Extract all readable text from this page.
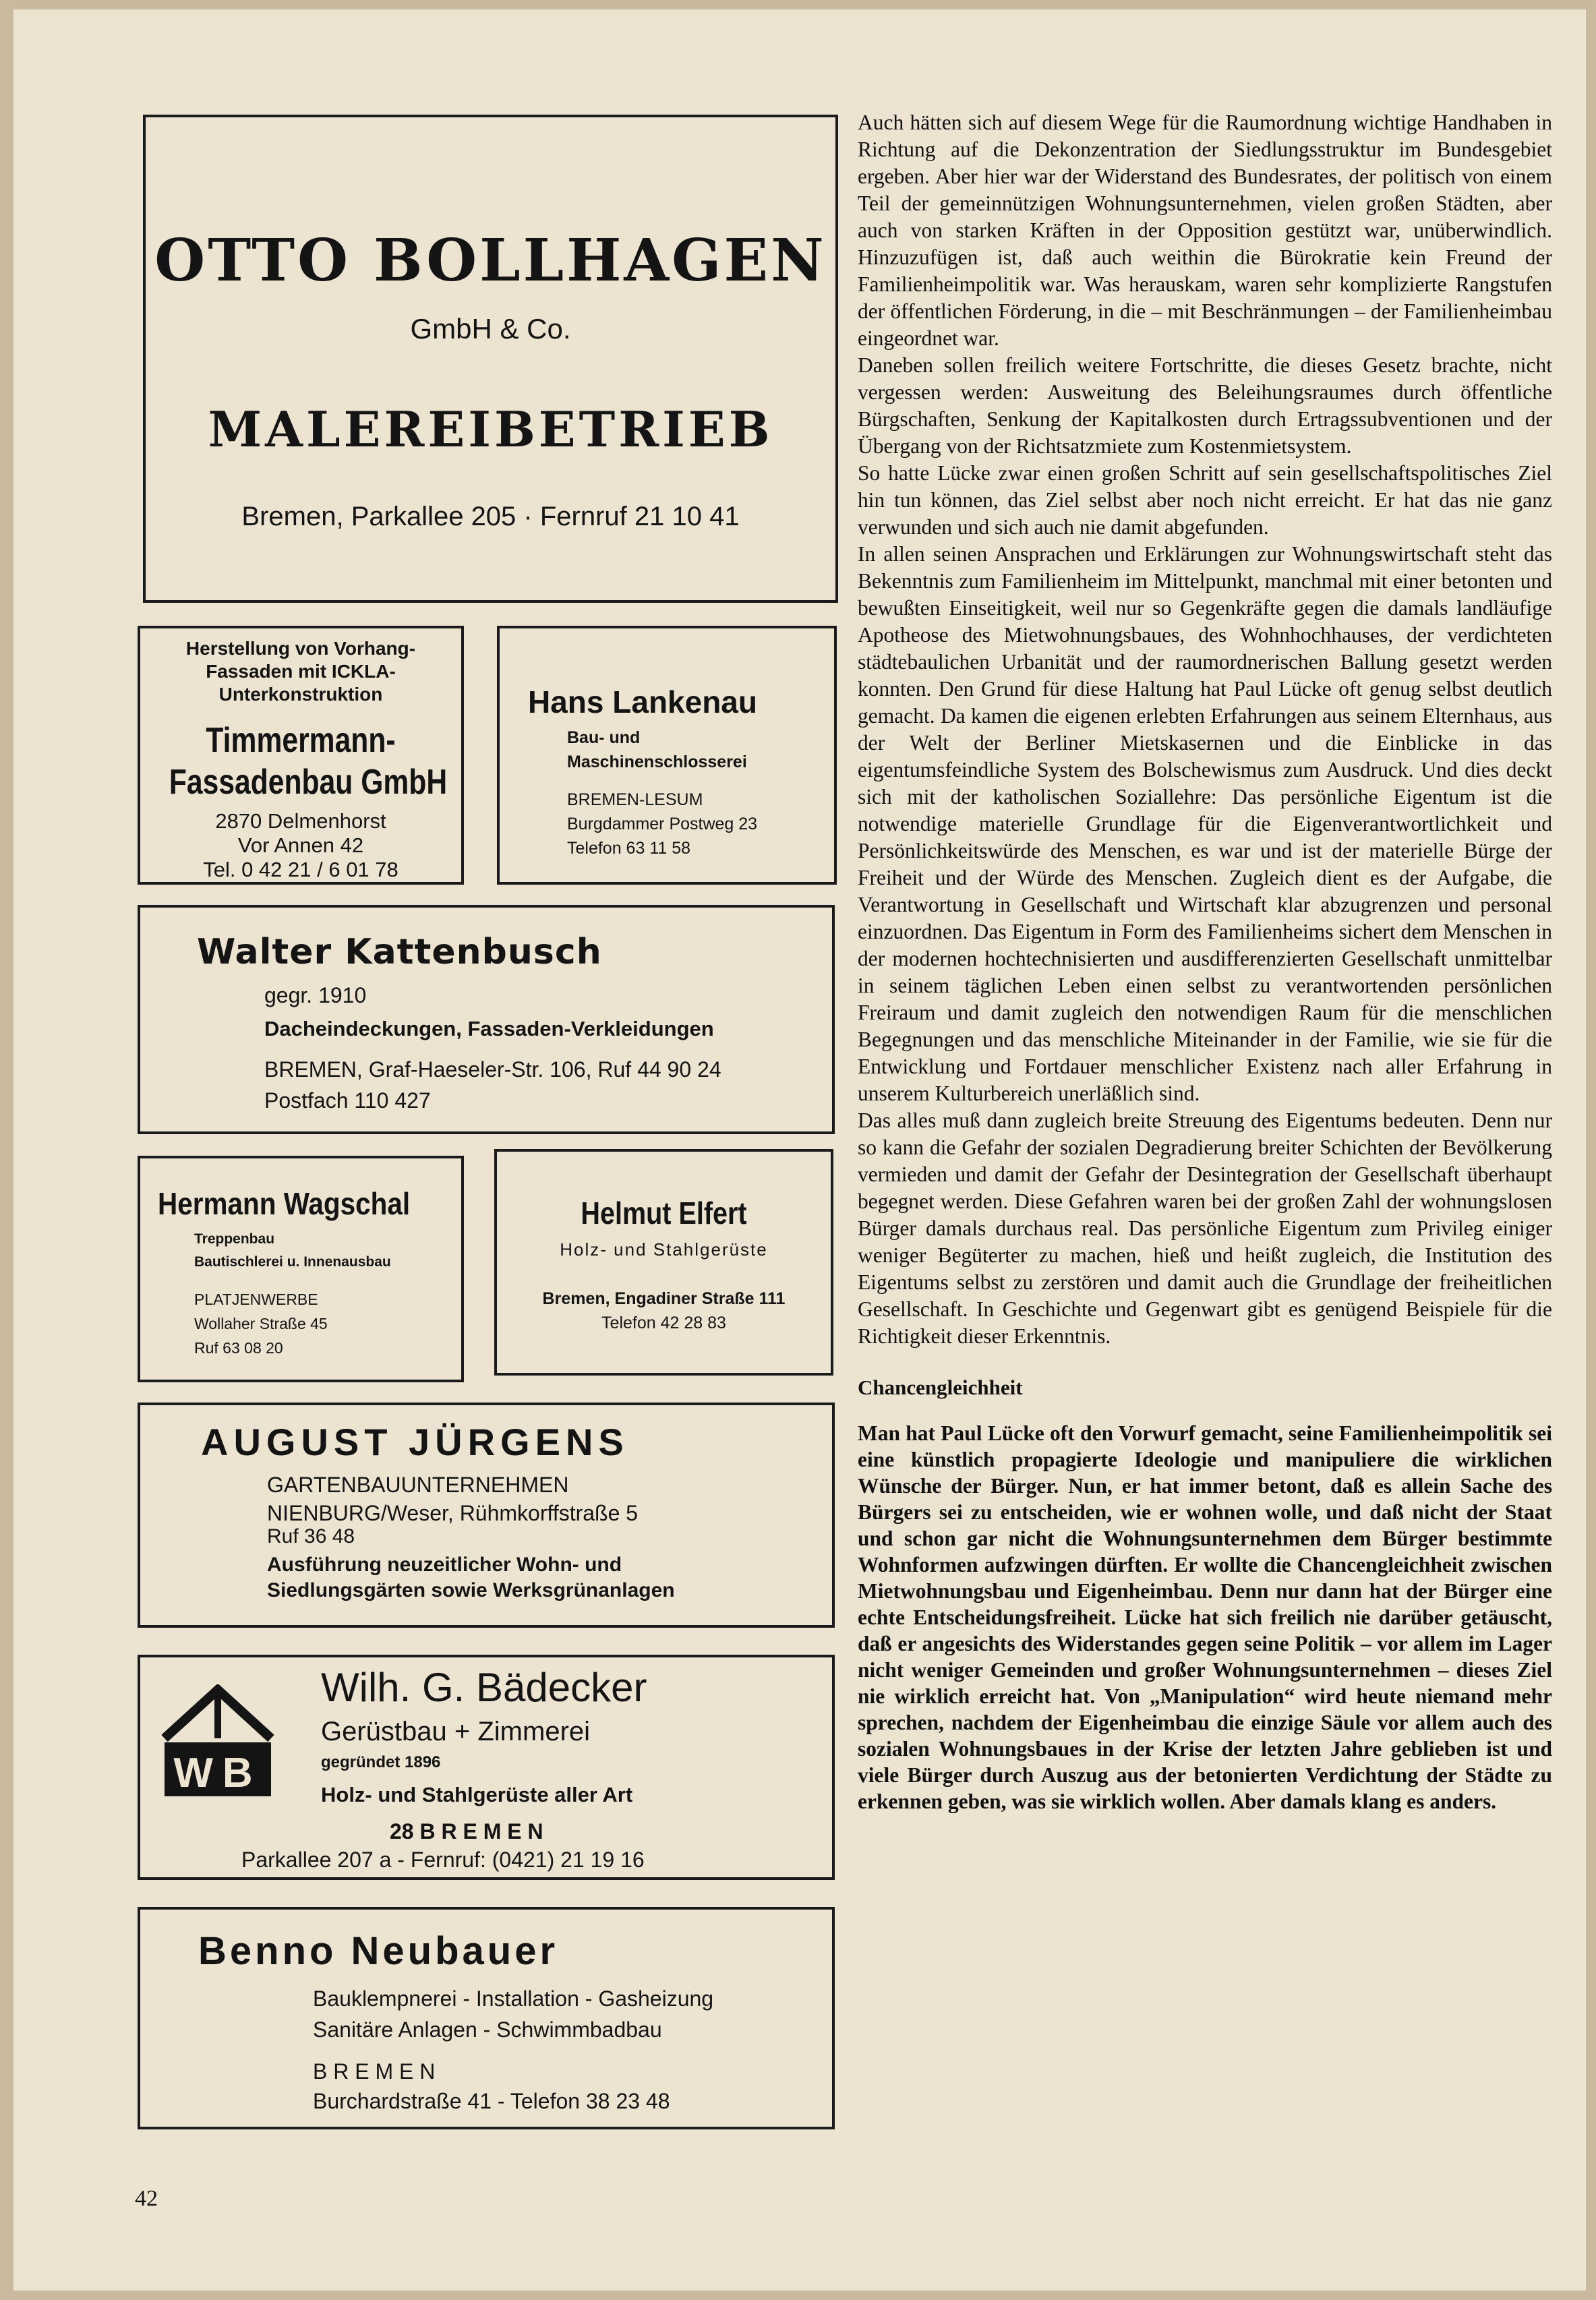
OTTO BOLLHAGEN
GmbH & Co.
MALEREIBETRIEB
Bremen, Parkallee 205 · Fernruf 21 10 41
Herstellung von Vorhang-
Fassaden mit ICKLA-
Unterkonstruktion
Timmermann-
Fassadenbau GmbH
2870 Delmenhorst
Vor Annen 42
Tel. 0 42 21 / 6 01 78
Hans Lankenau
Bau- und
Maschinenschlosserei
BREMEN-LESUM
Burgdammer Postweg 23
Telefon 63 11 58
Walter Kattenbusch
gegr. 1910
Dacheindeckungen, Fassaden-Verkleidungen
BREMEN, Graf-Haeseler-Str. 106, Ruf 44 90 24
Postfach 110 427
Hermann Wagschal
Treppenbau
Bautischlerei u. Innenausbau
PLATJENWERBE
Wollaher Straße 45
Ruf 63 08 20
Helmut Elfert
Holz- und Stahlgerüste
Bremen, Engadiner Straße 111
Telefon 42 28 83
AUGUST JÜRGENS
GARTENBAUUNTERNEHMEN
NIENBURG/Weser, Rühmkorffstraße 5
Ruf 36 48
Ausführung neuzeitlicher Wohn- und
Siedlungsgärten sowie Werksgrünanlagen
WB
Wilh. G. Bädecker
Gerüstbau + Zimmerei
gegründet 1896
Holz- und Stahlgerüste aller Art
28 B R E M E N
Parkallee 207 a - Fernruf: (0421) 21 19 16
Benno Neubauer
Bauklempnerei - Installation - Gasheizung
Sanitäre Anlagen - Schwimmbadbau
B R E M E N
Burchardstraße 41 - Telefon 38 23 48

Auch hätten sich auf diesem Wege für die Raumordnung wichtige Handhaben in Richtung auf die Dekonzentration der Siedlungsstruktur im Bundesgebiet ergeben. Aber hier war der Widerstand des Bundesrates, der politisch von einem Teil der gemeinnützigen Wohnungsunternehmen, vielen großen Städten, aber auch von starken Kräften in der Opposition gestützt war, unüberwindlich. Hinzuzufügen ist, daß auch weithin die Bürokratie kein Freund der Familienheimpolitik war. Was herauskam, waren sehr komplizierte Rangstufen der öffentlichen Förderung, in die – mit Beschränmungen – der Familienheimbau eingeordnet war.

Daneben sollen freilich weitere Fortschritte, die dieses Gesetz brachte, nicht vergessen werden: Ausweitung des Beleihungsraumes durch öffentliche Bürgschaften, Senkung der Kapitalkosten durch Ertragssubventionen und der Übergang von der Richtsatzmiete zum Kostenmietsystem.

So hatte Lücke zwar einen großen Schritt auf sein gesellschaftspolitisches Ziel hin tun können, das Ziel selbst aber noch nicht erreicht. Er hat das nie ganz verwunden und sich auch nie damit abgefunden.

In allen seinen Ansprachen und Erklärungen zur Wohnungswirtschaft steht das Bekenntnis zum Familienheim im Mittelpunkt, manchmal mit einer betonten und bewußten Einseitigkeit, weil nur so Gegenkräfte gegen die damals landläufige Apotheose des Mietwohnungsbaues, des Wohnhochhauses, der verdichteten städtebaulichen Urbanität und der raumordnerischen Ballung gesetzt werden konnten. Den Grund für diese Haltung hat Paul Lücke oft genug selbst deutlich gemacht. Da kamen die eigenen erlebten Erfahrungen aus seinem Elternhaus, aus der Welt der Berliner Mietskasernen und die Einblicke in das eigentumsfeindliche System des Bolschewismus zum Ausdruck. Und dies deckt sich mit der katholischen Soziallehre: Das persönliche Eigentum ist die notwendige materielle Grundlage für die Eigenverantwortlichkeit und Persönlichkeitswürde des Menschen, es war und ist der materielle Bürge der Freiheit und der Würde des Menschen. Zugleich dient es der Aufgabe, die Verantwortung in Gesellschaft und Wirtschaft klar abzugrenzen und personal einzuordnen. Das Eigentum in Form des Familienheims sichert dem Menschen in der modernen hochtechnisierten und ausdifferenzierten Gesellschaft unmittelbar in seinem täglichen Leben einen selbst zu verantwortenden persönlichen Freiraum und damit zugleich den notwendigen Raum für die menschlichen Begegnungen und das menschliche Miteinander in der Familie, wie sie für die Entwicklung und Fortdauer menschlicher Existenz nach aller Erfahrung in unserem Kulturbereich unerläßlich sind.

Das alles muß dann zugleich breite Streuung des Eigentums bedeuten. Denn nur so kann die Gefahr der sozialen Degradierung breiter Schichten der Bevölkerung vermieden und damit der Gefahr der Desintegration der Gesellschaft überhaupt begegnet werden. Diese Gefahren waren bei der großen Zahl der wohnungslosen Bürger damals durchaus real. Das persönliche Eigentum zum Privileg einiger weniger Begüterter zu machen, hieß und heißt zugleich, die Institution des Eigentums selbst zu zerstören und damit auch die Grundlage der freiheitlichen Gesellschaft. In Geschichte und Gegenwart gibt es genügend Beispiele für die Richtigkeit dieser Erkenntnis.

Chancengleichheit

Man hat Paul Lücke oft den Vorwurf gemacht, seine Familienheimpolitik sei eine künstlich propagierte Ideologie und manipuliere die wirklichen Wünsche der Bürger. Nun, er hat immer betont, daß es allein Sache des Bürgers sei zu entscheiden, wie er wohnen wolle, und daß nicht der Staat und schon gar nicht die Wohnungsunternehmen dem Bürger bestimmte Wohnformen aufzwingen dürften. Er wollte die Chancengleichheit zwischen Mietwohnungsbau und Eigenheimbau. Denn nur dann hat der Bürger eine echte Entscheidungsfreiheit. Lücke hat sich freilich nie darüber getäuscht, daß er angesichts des Widerstandes gegen seine Politik – vor allem im Lager nicht weniger Gemeinden und großer Wohnungsunternehmen – dieses Ziel nie wirklich erreicht hat. Von „Manipulation“ wird heute niemand mehr sprechen, nachdem der Eigenheimbau die einzige Säule vor allem auch des sozialen Wohnungsbaues in der Krise der letzten Jahre geblieben ist und viele Bürger durch Auszug aus der betonierten Verdichtung der Städte zu erkennen geben, was sie wirklich wollen. Aber damals klang es anders.

42
